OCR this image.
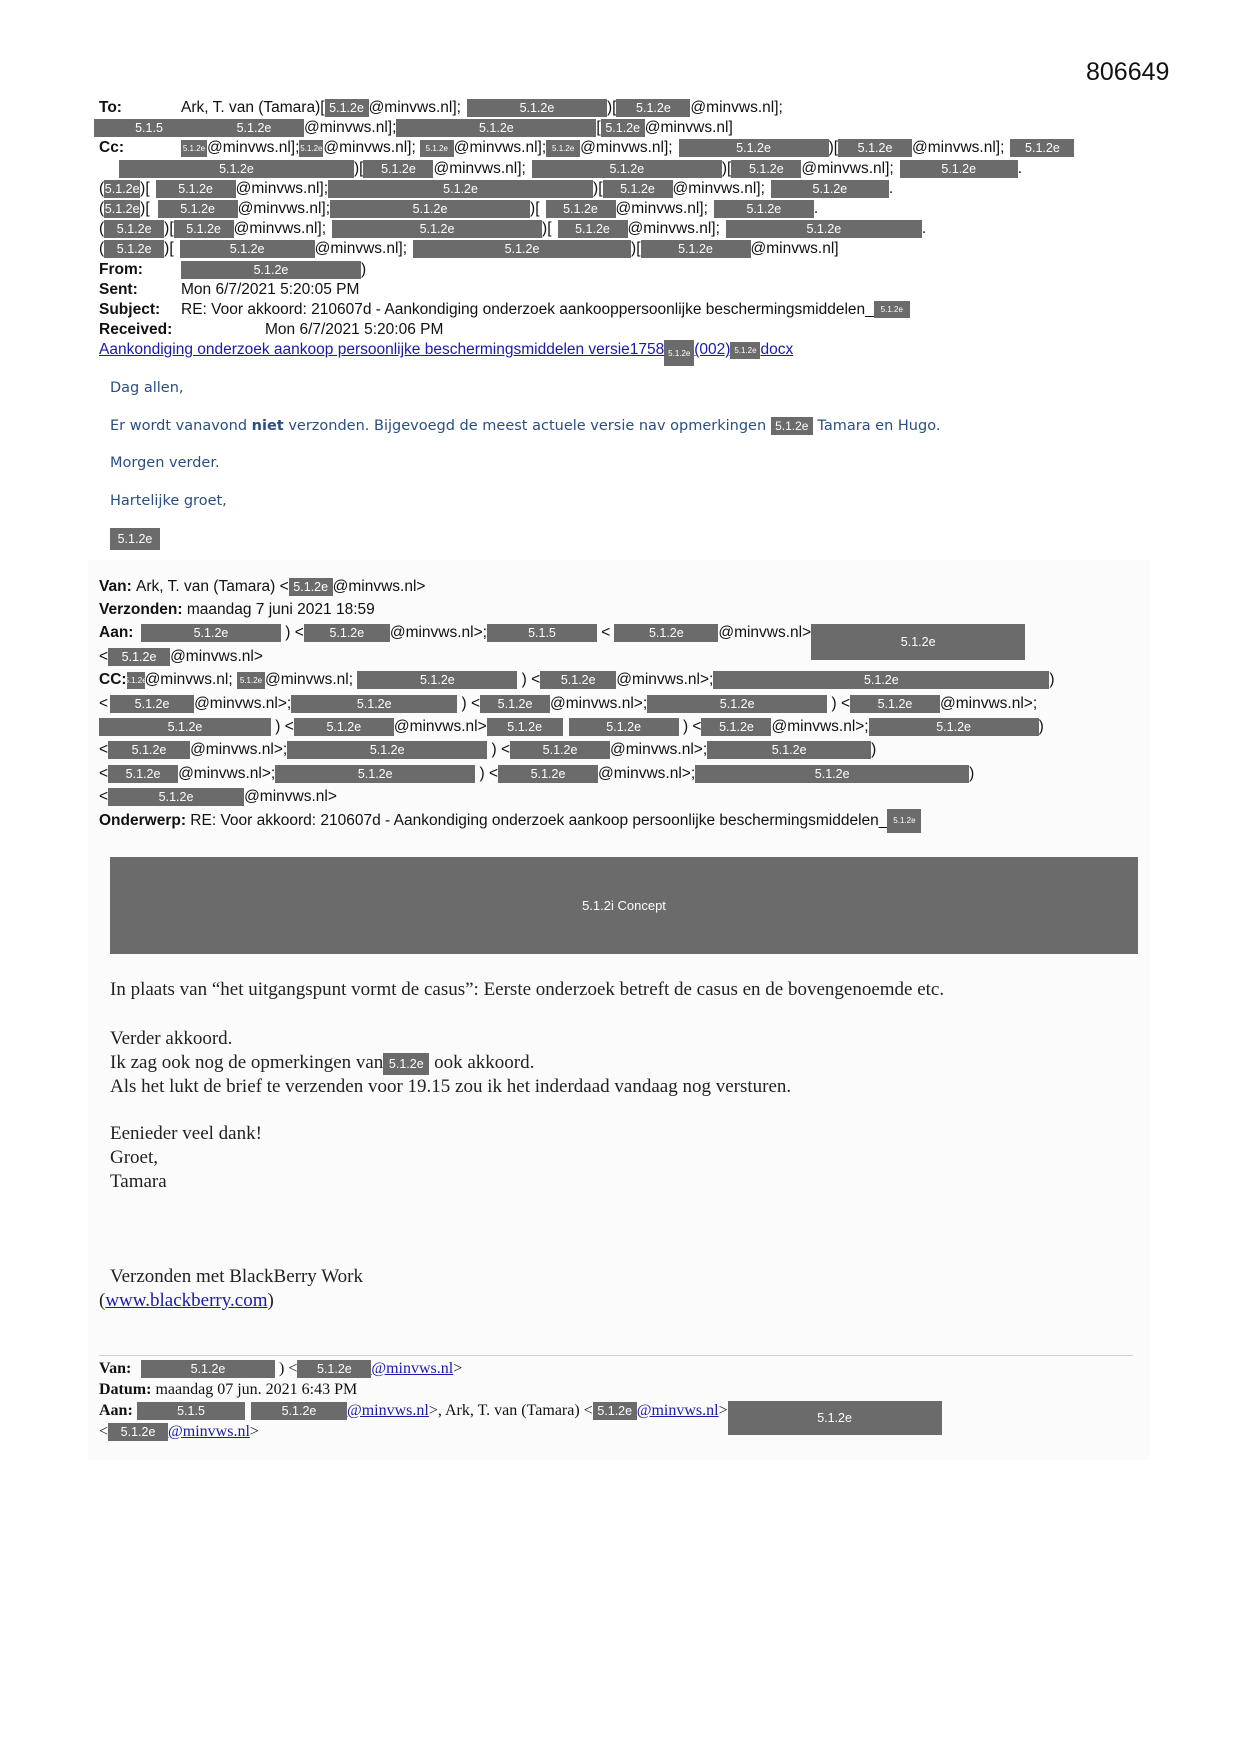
806649
To:	Ark, T. van (Tamara)[ 5.1.2e @minvws.nl];	5.1.2e	)[	5.1.2e	@minvws.nl];
5.1.5	5.1.2e	@minvws.nl];	5.1.2e	[ 5.1.2e @minvws.nl]
Cc:	5.1.2e @minvws.nl]; 5.1.2e @minvws.nl];	5.1.2e @minvws.nl]; 5.1.2e @minvws.nl];	5.1.2e	)[	5.1.2e	@minvws.nl];	5.1.2e
5.1.2e	)[	5.1.2e	@minvws.nl];	5.1.2e	)[	5.1.2e	@minvws.nl];	5.1.2e	.
( 5.1.2e )[	5.1.2e	@minvws.nl];	5.1.2e	)[	5.1.2e	@minvws.nl];	5.1.2e	.
( 5.1.2e )[	5.1.2e	@minvws.nl];	5.1.2e	)[	5.1.2e	@minvws.nl];	5.1.2e	.
(	5.1.2e )[	5.1.2e @minvws.nl];	5.1.2e	)[	5.1.2e	@minvws.nl];	5.1.2e	.
(	5.1.2e )[	5.1.2e	@minvws.nl];	5.1.2e	)[	5.1.2e	@minvws.nl]
From:	5.1.2e	)
Sent:	Mon 6/7/2021 5:20:05 PM
Subject:	RE: Voor akkoord: 210607d - Aankondiging onderzoek aankooppersoonlijke beschermingsmiddelen_ 5.1.2e
Received:	Mon 6/7/2021 5:20:06 PM
Aankondiging onderzoek aankoop persoonlijke beschermingsmiddelen versie1758 5.1.2e (002) 5.1.2e docx

Dag allen,

Er wordt vanavond niet verzonden. Bijgevoegd de meest actuele versie nav opmerkingen 5.1.2e Tamara en Hugo.

Morgen verder.

Hartelijke groet,

5.1.2e

Van:
Ark, T. van (Tamara) < 5.1.2e @minvws.nl>
Verzonden:
maandag 7 juni 2021 18:59
Aan:	5.1.2e	) <	5.1.2e	@minvws.nl>;	5.1.5	<	5.1.2e	@minvws.nl>
5.1.2e
<	5.1.2e @minvws.nl>
CC:
5.1.2e
@minvws.nl ; 5.1.2e @minvws.nl ;	5.1.2e	) <	5.1.2e	@minvws.nl>;	5.1.2e	)
<	5.1.2e	@minvws.nl>;	5.1.2e	) <	5.1.2e	@minvws.nl>;	5.1.2e	) <	5.1.2e	@minvws.nl>;
5.1.2e	) <	5.1.2e	@minvws.nl>	5.1.2e	5.1.2e	) <	5.1.2e	@minvws.nl>;	5.1.2e	)
<	5.1.2e	@minvws.nl>;	5.1.2e	) <	5.1.2e	@minvws.nl>;	5.1.2e	)
<	5.1.2e	@minvws.nl>;	5.1.2e	) <	5.1.2e	@minvws.nl>;	5.1.2e	)
<	5.1.2e	@minvws.nl>
Onderwerp:
RE: Voor akkoord: 210607d - Aankondiging onderzoek aankoop persoonlijke beschermingsmiddelen_ 5.1.2e
5.1.2i Concept
In plaats van “het uitgangspunt vormt de casus”: Eerste onderzoek betreft de casus en de bovengenoemde etc.
Verder akkoord.
Ik zag ook nog de opmerkingen van 5.1.2e ook akkoord.
Als het lukt de brief te verzenden voor 19.15 zou ik het inderdaad vandaag nog versturen.
Eenieder veel dank!
Groet,
Tamara
Verzonden met BlackBerry Work
(www.blackberry.com)
Van:	5.1.2e	) <	5.1.2e	@minvws.nl >
Datum:
maandag 07 jun. 2021 6:43 PM
Aan:	5.1.5	5.1.2e	@minvws.nl >, Ark, T. van (Tamara) < 5.1.2e @minvws.nl >	5.1.2e
<	5.1.2e @minvws.nl >
